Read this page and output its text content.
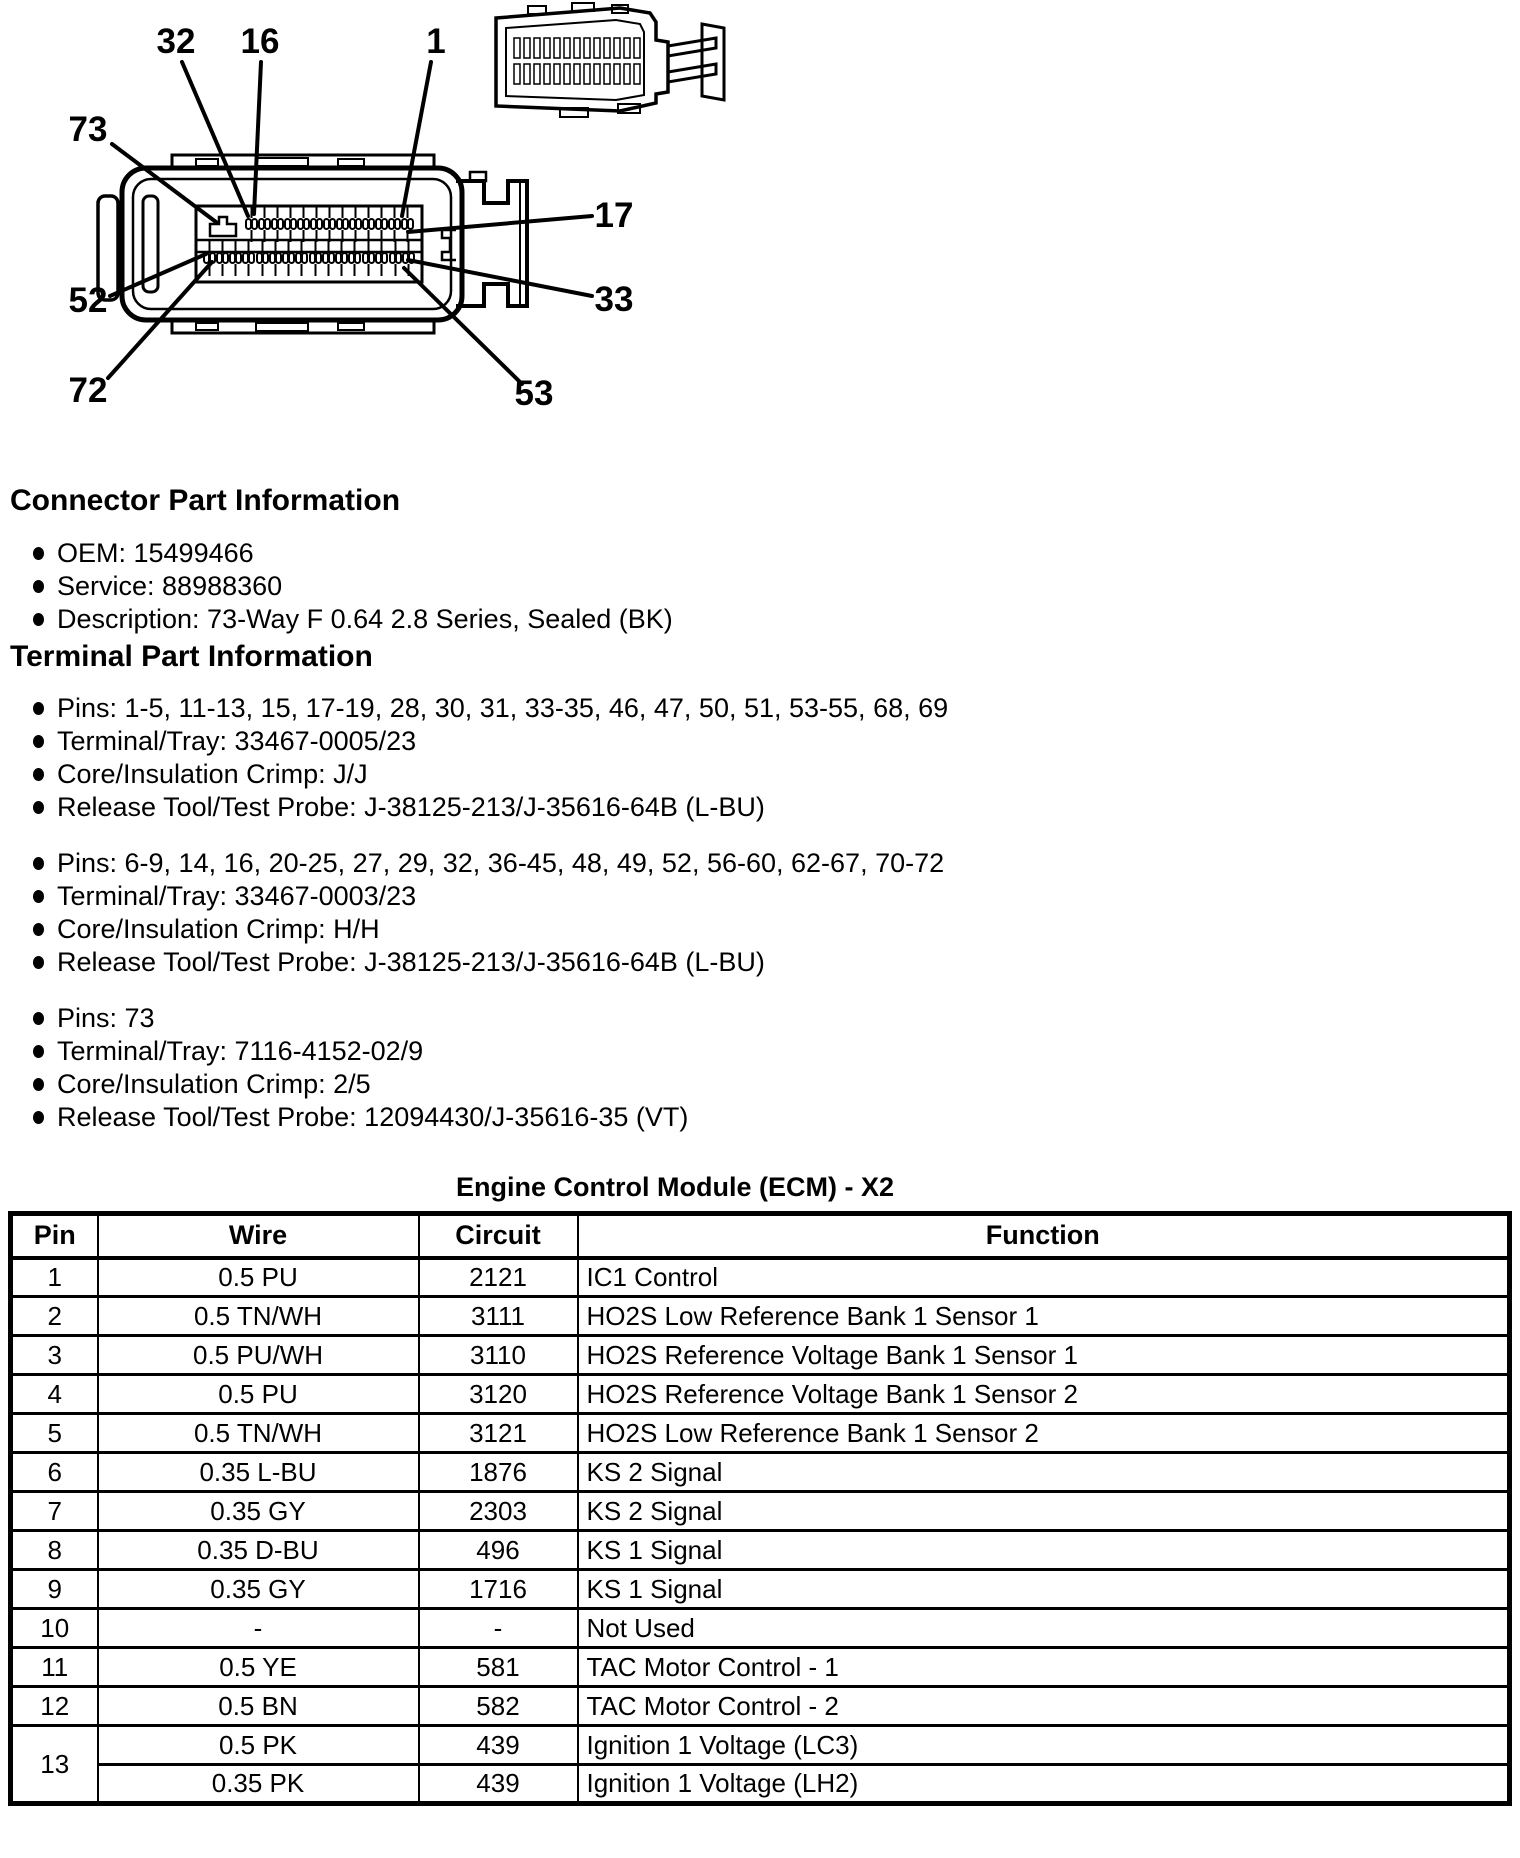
32 16	1
73
17
52	33
72	53
Connector Part Information
OEM: 15499466
Service: 88988360
Description: 73-Way F 0.64 2.8 Series, Sealed (BK)
Terminal Part Information
Pins: 1-5, 11-13, 15, 17-19, 28, 30, 31, 33-35, 46, 47, 50, 51, 53-55, 68, 69
Terminal/Tray: 33467-0005/23
Core/Insulation Crimp: J/J
Release Tool/Test Probe: J-38125-213/J-35616-64B (L-BU)
Pins: 6-9, 14, 16, 20-25, 27, 29, 32, 36-45, 48, 49, 52, 56-60, 62-67, 70-72
Terminal/Tray: 33467-0003/23
Core/Insulation Crimp: H/H
Release Tool/Test Probe: J-38125-213/J-35616-64B (L-BU)
Pins: 73
Terminal/Tray: 7116-4152-02/9
Core/Insulation Crimp: 2/5
Release Tool/Test Probe: 12094430/J-35616-35 (VT)
Engine Control Module (ECM) - X2
Pin	Wire	Circuit	Function
1	0.5 PU	2121	IC1 Control
2	0.5 TN/WH	3111	HO2S Low Reference Bank 1 Sensor 1
3	0.5 PU/WH	3110	HO2S Reference Voltage Bank 1 Sensor 1
4	0.5 PU	3120	HO2S Reference Voltage Bank 1 Sensor 2
5	0.5 TN/WH	3121	HO2S Low Reference Bank 1 Sensor 2
6	0.35 L-BU	1876	KS 2 Signal
7	0.35 GY	2303	KS 2 Signal
8	0.35 D-BU	496	KS 1 Signal
9	0.35 GY	1716	KS 1 Signal
10	-	-	Not Used
11	0.5 YE	581	TAC Motor Control - 1
12	0.5 BN	582	TAC Motor Control - 2
13	0.5 PK	439	Ignition 1 Voltage (LC3)
	0.35 PK	439	Ignition 1 Voltage (LH2)
